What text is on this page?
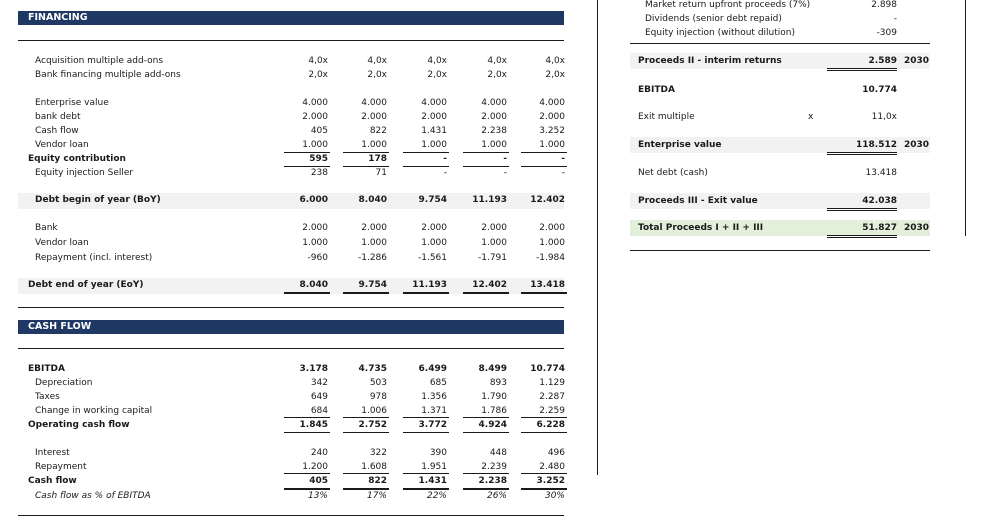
FINANCING
Acquisition multiple add-ons	4,0x	4,0x	4,0x	4,0x	4,0x
Bank financing multiple add-ons	2,0x	2,0x	2,0x	2,0x	2,0x
Enterprise value	4.000	4.000	4.000	4.000	4.000
bank debt	2.000	2.000	2.000	2.000	2.000
Cash flow	405	822	1.431	2.238	3.252
Vendor loan	1.000	1.000	1.000	1.000	1.000
Equity contribution	595	178	-	-	-
Equity injection Seller	238	71	-	-	-
Debt begin of year (BoY)	6.000	8.040	9.754	11.193	12.402
Bank	2.000	2.000	2.000	2.000	2.000
Vendor loan	1.000	1.000	1.000	1.000	1.000
Repayment (incl. interest)	-960	-1.286	-1.561	-1.791	-1.984
Debt end of year (EoY)	8.040	9.754	11.193	12.402	13.418
CASH FLOW
EBITDA	3.178	4.735	6.499	8.499	10.774
Depreciation	342	503	685	893	1.129
Taxes	649	978	1.356	1.790	2.287
Change in working capital	684	1.006	1.371	1.786	2.259
Operating cash flow	1.845	2.752	3.772	4.924	6.228
Interest	240	322	390	448	496
Repayment	1.200	1.608	1.951	2.239	2.480
Cash flow	405	822	1.431	2.238	3.252
Cash flow as % of EBITDA	13%	17%	22%	26%	30%
Market return upfront proceeds (7%)	2.898
Dividends (senior debt repaid)	-
Equity injection (without dilution)	-309
Proceeds II - interim returns	2.589 2030
EBITDA	10.774
Exit multiple	x	11,0x
Enterprise value	118.512 2030
Net debt (cash)	13.418
Proceeds III - Exit value	42.038
Total Proceeds I + II + III	51.827 2030
